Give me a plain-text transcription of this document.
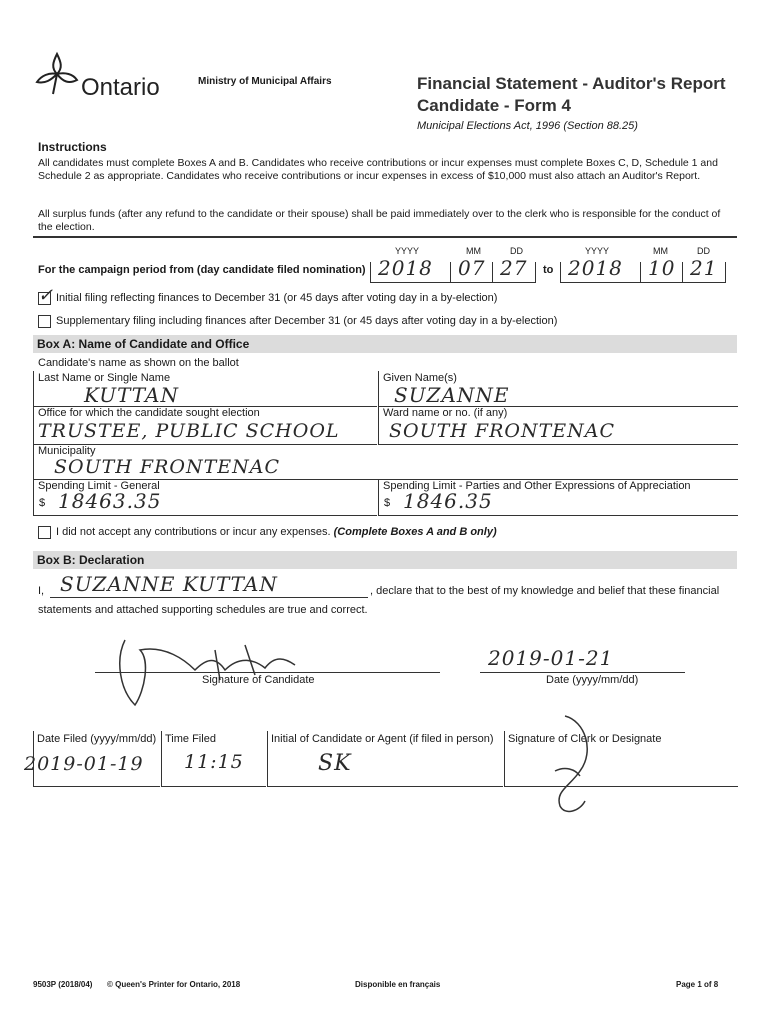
Ontario	Ministry of Municipal Affairs	Financial Statement - Auditor's Report
Candidate - Form 4
Municipal Elections Act, 1996 (Section 88.25)
Instructions
All candidates must complete Boxes A and B. Candidates who receive contributions or incur expenses must complete Boxes C, D, Schedule 1 and Schedule 2 as appropriate. Candidates who receive contributions or incur expenses in excess of $10,000 must also attach an Auditor's Report.
All surplus funds (after any refund to the candidate or their spouse) shall be paid immediately over to the clerk who is responsible for the conduct of the election.
YYYY	MM	DD	YYYY	MM	DD
For the campaign period from (day candidate filed nomination) 2018 07 27 to 2018 10 21
✓ Initial filing reflecting finances to December 31 (or 45 days after voting day in a by-election)
Supplementary filing including finances after December 31 (or 45 days after voting day in a by-election)
Box A: Name of Candidate and Office
Candidate's name as shown on the ballot
Last Name or Single Name
KUTTAN
Given Name(s)
SUZANNE
Office for which the candidate sought election
TRUSTEE, PUBLIC SCHOOL
Ward name or no. (if any)
SOUTH FRONTENAC
Municipality
SOUTH FRONTENAC
Spending Limit - General
$ 18463.35
Spending Limit - Parties and Other Expressions of Appreciation
$ 1846.35
I did not accept any contributions or incur any expenses. (Complete Boxes A and B only)
Box B: Declaration
I, SUZANNE KUTTAN	, declare that to the best of my knowledge and belief that these financial
statements and attached supporting schedules are true and correct.
Signature of Candidate
2019-01-21
Date (yyyy/mm/dd)
Date Filed (yyyy/mm/dd)
2019-01-19
Time Filed
11:15
Initial of Candidate or Agent (if filed in person)
SK
Signature of Clerk or Designate
9503P (2018/04) © Queen's Printer for Ontario, 2018	Disponible en français	Page 1 of 8
